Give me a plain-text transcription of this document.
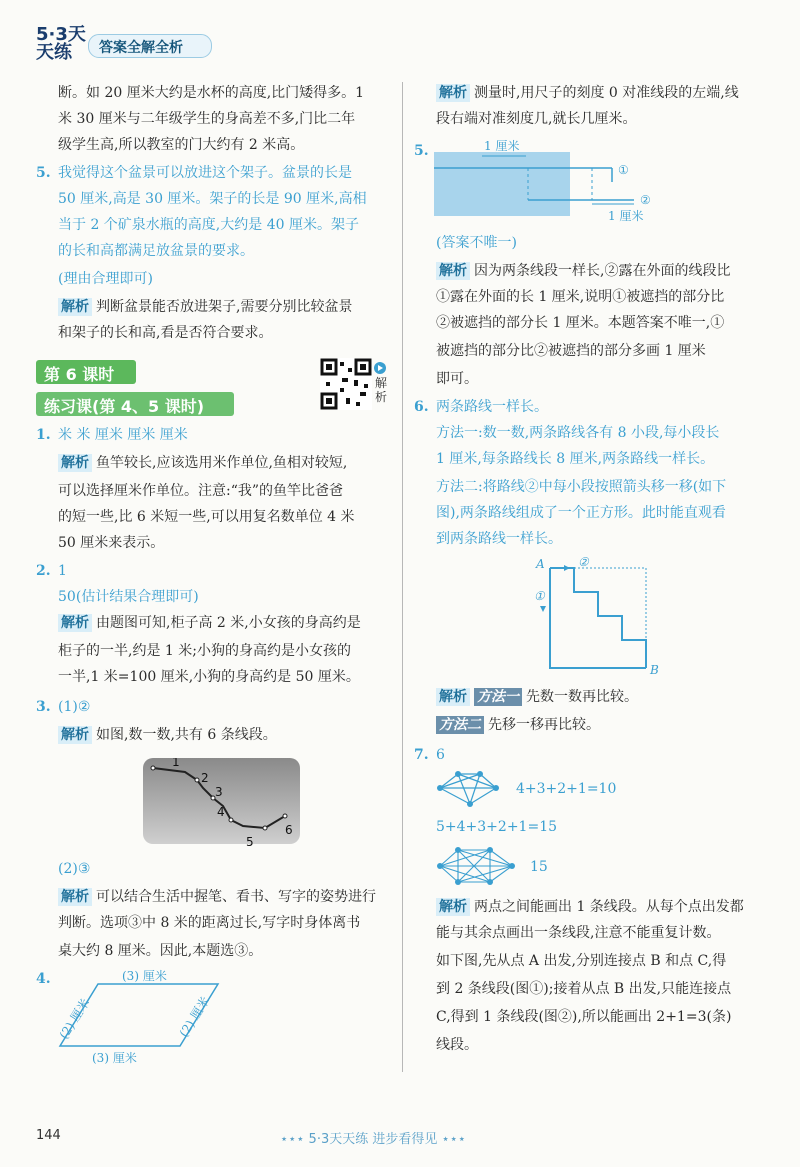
5·3天天练	答案全解全析
断。如 20 厘米大约是水杯的高度,比门矮得多。1
米 30 厘米与二年级学生的身高差不多,门比二年
级学生高,所以教室的门大约有 2 米高。
5. 我觉得这个盆景可以放进这个架子。盆景的长是
50 厘米,高是 30 厘米。架子的长是 90 厘米,高相
当于 2 个矿泉水瓶的高度,大约是 40 厘米。架子
的长和高都满足放盆景的要求。
(理由合理即可)
解析 判断盆景能否放进架子,需要分别比较盆景
和架子的长和高,看是否符合要求。
第 6 课时
练习课(第 4、5 课时)
解析
1. 米 米 厘米 厘米 厘米
解析 鱼竿较长,应该选用米作单位,鱼相对较短,
可以选择厘米作单位。注意:“我”的鱼竿比爸爸
的短一些,比 6 米短一些,可以用复名数单位 4 米
50 厘米来表示。
2. 1
50(估计结果合理即可)
解析 由题图可知,柜子高 2 米,小女孩的身高约是
柜子的一半,约是 1 米;小狗的身高约是小女孩的
一半,1 米=100 厘米,小狗的身高约是 50 厘米。
3. (1)②
解析 如图,数一数,共有 6 条线段。
1
2
3
4
5
6
(2)③
解析 可以结合生活中握笔、看书、写字的姿势进行
判断。选项③中 8 米的距离过长,写字时身体离书
桌大约 8 厘米。因此,本题选③。
4.	(3) 厘米
(3) 厘米
(2) 厘米	(2) 厘米
解析 测量时,用尺子的刻度 0 对准线段的左端,线
段右端对准刻度几,就长几厘米。
5.	1 厘米
1 厘米
①
②
(答案不唯一)
解析 因为两条线段一样长,②露在外面的线段比
①露在外面的长 1 厘米,说明①被遮挡的部分比
②被遮挡的部分长 1 厘米。本题答案不唯一,①
被遮挡的部分比②被遮挡的部分多画 1 厘米
即可。
6. 两条路线一样长。
方法一:数一数,两条路线各有 8 小段,每小段长
1 厘米,每条路线长 8 厘米,两条路线一样长。
方法二:将路线②中每小段按照箭头移一移(如下
图),两条路线组成了一个正方形。此时能直观看
到两条路线一样长。
A
B
②
①
解析 方法一 先数一数再比较。
方法二 先移一移再比较。
7. 6
4+3+2+1=10
5+4+3+2+1=15
15
解析 两点之间能画出 1 条线段。从每个点出发都
能与其余点画出一条线段,注意不能重复计数。
如下图,先从点 A 出发,分别连接点 B 和点 C,得
到 2 条线段(图①);接着从点 B 出发,只能连接点
C,得到 1 条线段(图②),所以能画出 2+1=3(条)
线段。
144	⋆⋆⋆ 5·3天天练 进步看得见 ⋆⋆⋆
